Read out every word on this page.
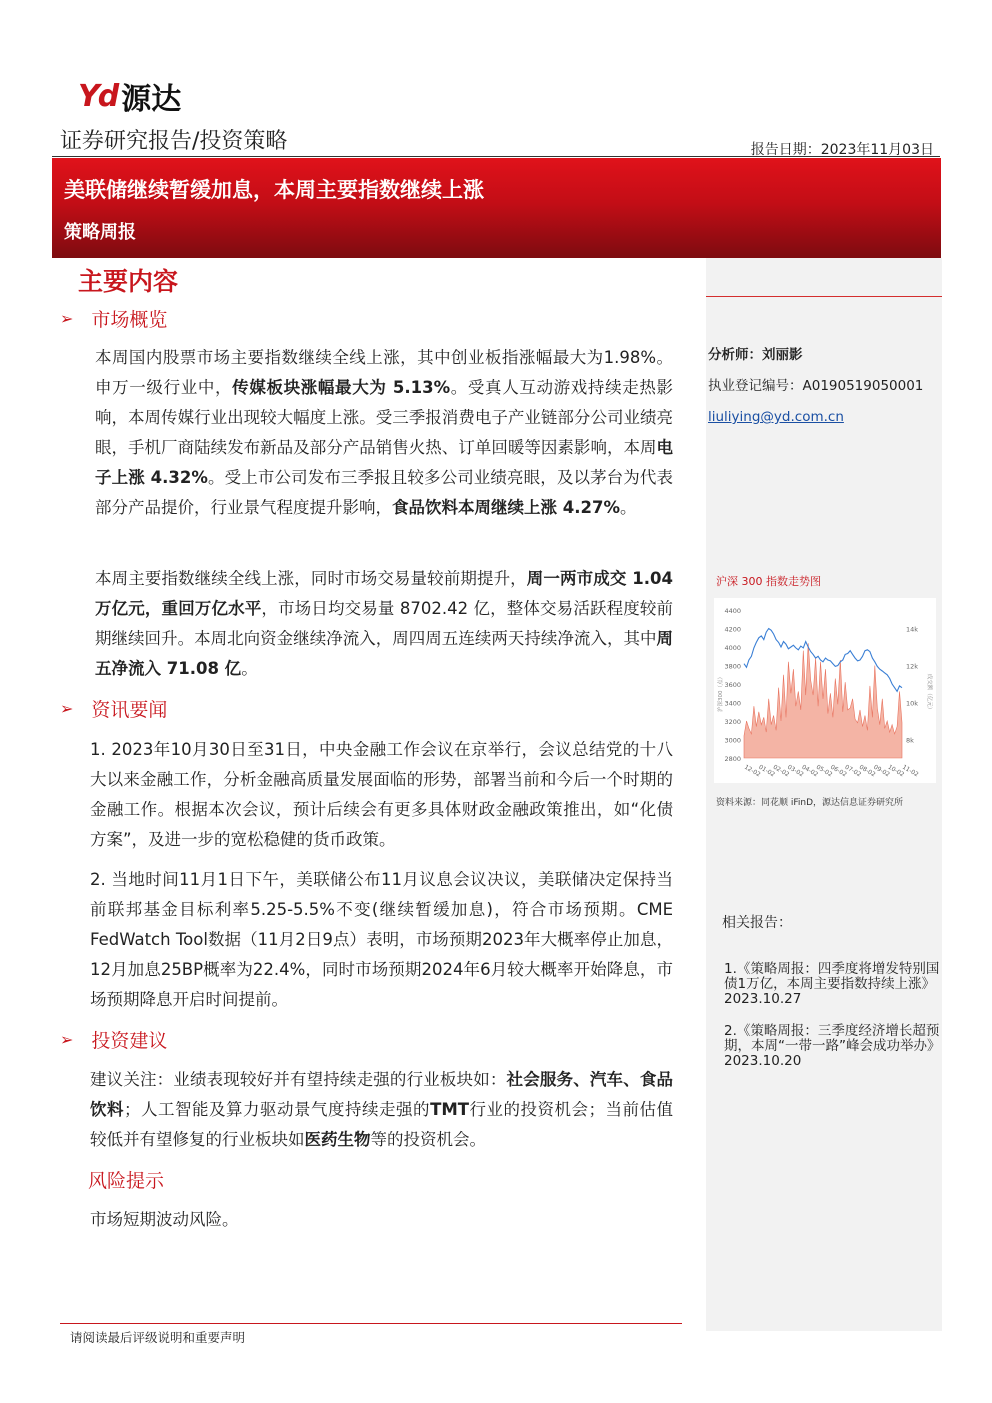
Yd 源达
证券研究报告/投资策略	报告日期：2023年11月03日
美联储继续暂缓加息，本周主要指数继续上涨
策略周报
分析师：刘丽影
执业登记编号：A0190519050001
liuliying@yd.com.cn
沪深 300 指数走势图
4400
4200
4000
3800
3600
3400
3200
3000
2800
14k
12k
10k
8k
沪深300（点）	成交额（亿元）
12-02
01-02
02-02
03-02
04-02
05-02
06-02
07-02
08-02
09-02
10-02
11-02
资料来源：同花顺 iFinD，源达信息证券研究所
相关报告：
1.《策略周报：四季度将增发特别国债1万亿，本周主要指数持续上涨》
2023.10.27
2.《策略周报：三季度经济增长超预期，本周“一带一路”峰会成功举办》
2023.10.20
主要内容
➢ 市场概览
本周国内股票市场主要指数继续全线上涨，其中创业板指涨幅最大为1.98%。申万一级行业中，传媒板块涨幅最大为 5.13%。受真人互动游戏持续走热影响，本周传媒行业出现较大幅度上涨。受三季报消费电子产业链部分公司业绩亮眼，手机厂商陆续发布新品及部分产品销售火热、订单回暖等因素影响，本周电子上涨 4.32%。受上市公司发布三季报且较多公司业绩亮眼，及以茅台为代表部分产品提价，行业景气程度提升影响，食品饮料本周继续上涨 4.27%。
本周主要指数继续全线上涨，同时市场交易量较前期提升，周一两市成交 1.04 万亿元，重回万亿水平，市场日均交易量 8702.42 亿，整体交易活跃程度较前期继续回升。本周北向资金继续净流入，周四周五连续两天持续净流入，其中周五净流入 71.08 亿。
➢ 资讯要闻
1. 2023年10月30日至31日，中央金融工作会议在京举行，会议总结党的十八大以来金融工作，分析金融高质量发展面临的形势，部署当前和今后一个时期的金融工作。根据本次会议，预计后续会有更多具体财政金融政策推出，如“化债方案”，及进一步的宽松稳健的货币政策。
2. 当地时间11月1日下午，美联储公布11月议息会议决议，美联储决定保持当前联邦基金目标利率5.25-5.5%不变(继续暂缓加息)，符合市场预期。CME FedWatch Tool数据（11月2日9点）表明，市场预期2023年大概率停止加息，12月加息25BP概率为22.4%，同时市场预期2024年6月较大概率开始降息，市场预期降息开启时间提前。
➢ 投资建议
建议关注：业绩表现较好并有望持续走强的行业板块如：社会服务、汽车、食品饮料；人工智能及算力驱动景气度持续走强的TMT行业的投资机会；当前估值较低并有望修复的行业板块如医药生物等的投资机会。
风险提示
市场短期波动风险。
请阅读最后评级说明和重要声明
